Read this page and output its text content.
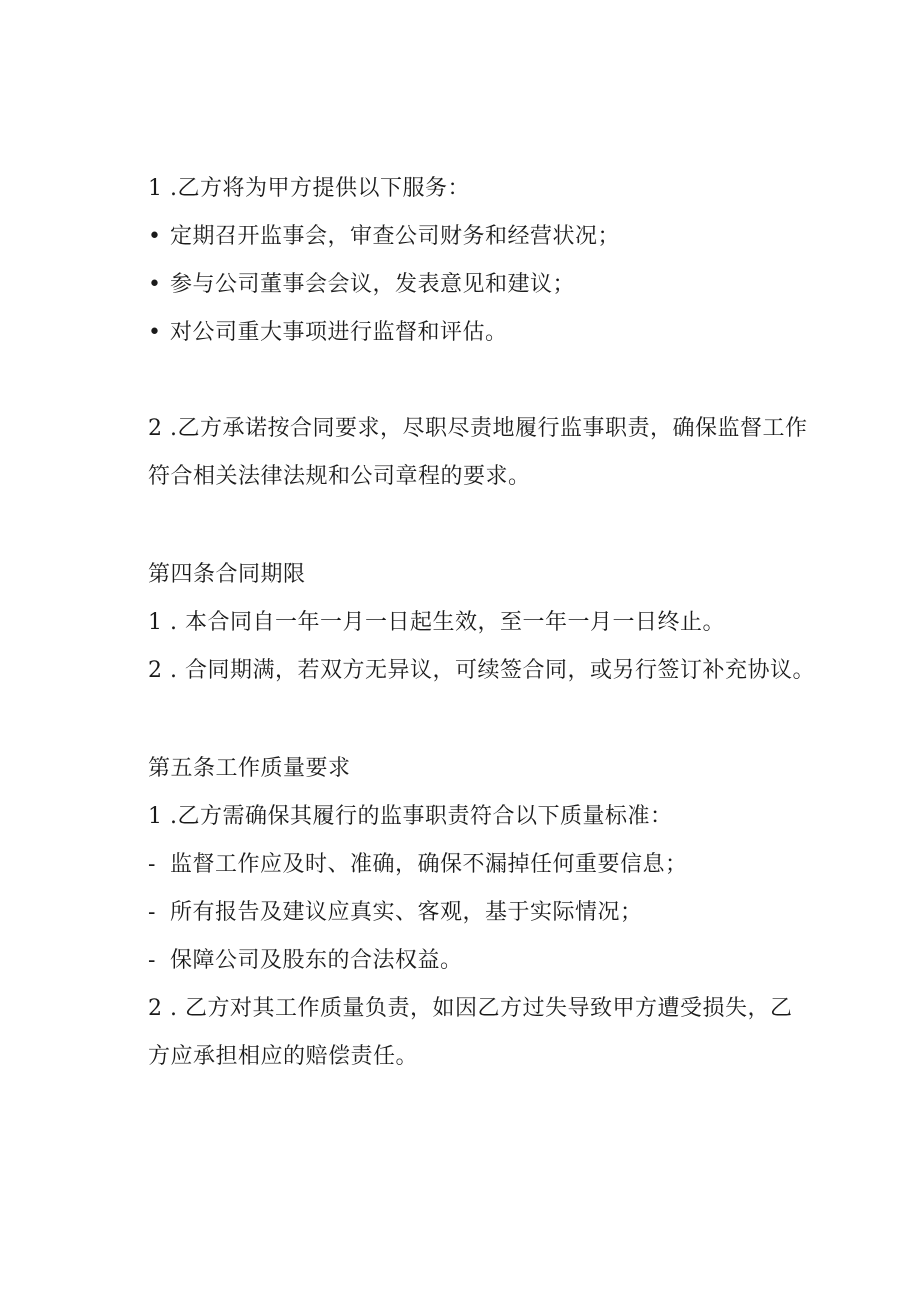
1 .乙方将为甲方提供以下服务：
• 定期召开监事会，审查公司财务和经营状况；
• 参与公司董事会会议，发表意见和建议；
• 对公司重大事项进行监督和评估。
2 .乙方承诺按合同要求，尽职尽责地履行监事职责，确保监督工作
符合相关法律法规和公司章程的要求。
第四条合同期限
1 . 本合同自一年一月一日起生效，至一年一月一日终止。
2 . 合同期满，若双方无异议，可续签合同，或另行签订补充协议。
第五条工作质量要求
1 .乙方需确保其履行的监事职责符合以下质量标准：
- 监督工作应及时、准确，确保不漏掉任何重要信息；
- 所有报告及建议应真实、客观，基于实际情况；
- 保障公司及股东的合法权益。
2 . 乙方对其工作质量负责，如因乙方过失导致甲方遭受损失，乙
方应承担相应的赔偿责任。
